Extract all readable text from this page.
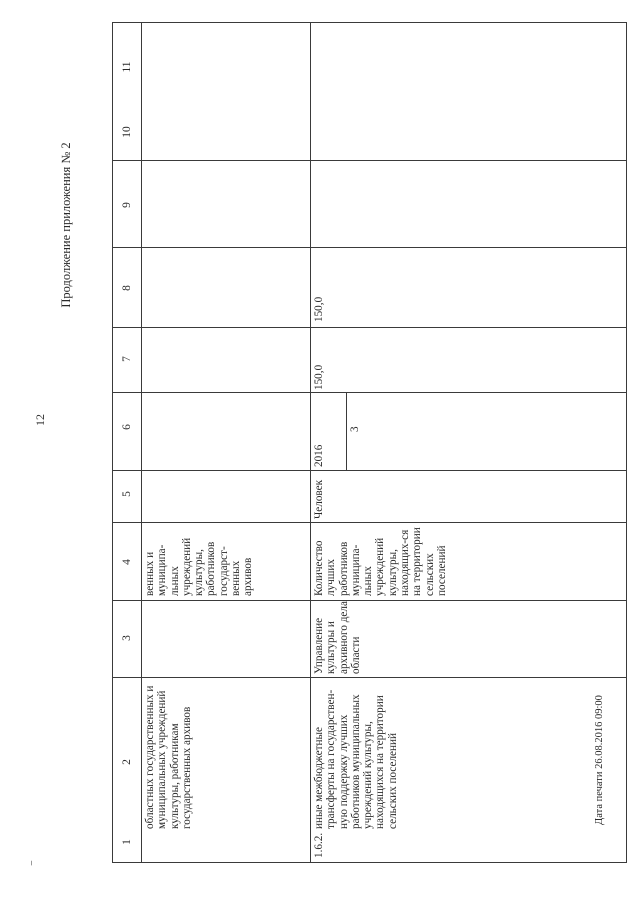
12
Продолжение приложения № 2
Дата печати 26.08.2016 09:00
–
11
10
9
8
7
6
5
4
3
2
1
областных государственных и муниципальных учреждений культуры, работникам государственных архивов
венных и муниципа-льных учреждений культуры, работников государст-венных архивов
1.6.2.
иные межбюджетные трансферты на государствен-ную поддержку лучших работников муниципальных учреждений культуры, находящихся на территории сельских поселений
Управление культуры и архивного дела области
Количество лучших работников муниципа-льных учреждений культуры, находящих-ся на территории сельских поселений
Человек
2016
3
150,0
150,0
